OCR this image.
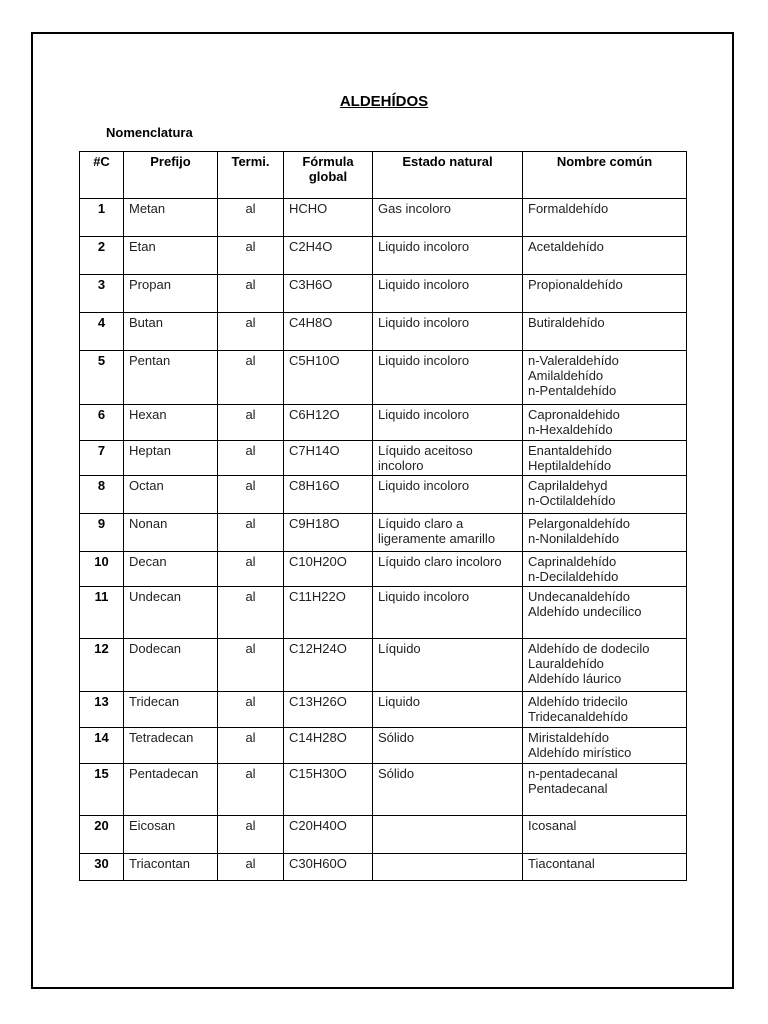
ALDEHÍDOS
Nomenclatura
#C	Prefijo	Termi.	Fórmula global	Estado natural	Nombre común
1	Metan	al	HCHO	Gas incoloro	Formaldehído

2	Etan	al	C2H4O	Liquido incoloro	Acetaldehído

3	Propan	al	C3H6O	Liquido incoloro	Propionaldehído

4	Butan	al	C4H8O	Liquido incoloro	Butiraldehído

5	Pentan	al	C5H10O	Liquido incoloro	n-Valeraldehído
Amilaldehído
n-Pentaldehído

6	Hexan	al	C6H12O	Liquido incoloro	Capronaldehido
n-Hexaldehído

7	Heptan	al	C7H14O	Líquido aceitoso incoloro	Enantaldehído
Heptilaldehído

8	Octan	al	C8H16O	Liquido incoloro	Caprilaldehyd
n-Octilaldehído

9	Nonan	al	C9H18O	Líquido claro a ligeramente amarillo	Pelargonaldehído
n-Nonilaldehído

10	Decan	al	C10H20O	Líquido claro incoloro	Caprinaldehído
n-Decilaldehído

11	Undecan	al	C11H22O	Liquido incoloro	Undecanaldehído
Aldehído undecílico

12	Dodecan	al	C12H24O	Líquido	Aldehído de dodecilo
Lauraldehído
Aldehído láurico

13	Tridecan	al	C13H26O	Liquido	Aldehído tridecilo
Tridecanaldehído

14	Tetradecan	al	C14H28O	Sólido	Miristaldehído
Aldehído mirístico

15	Pentadecan	al	C15H30O	Sólido	n-pentadecanal
Pentadecanal

20	Eicosan	al	C20H40O		Icosanal

30	Triacontan	al	C30H60O		Tiacontanal
